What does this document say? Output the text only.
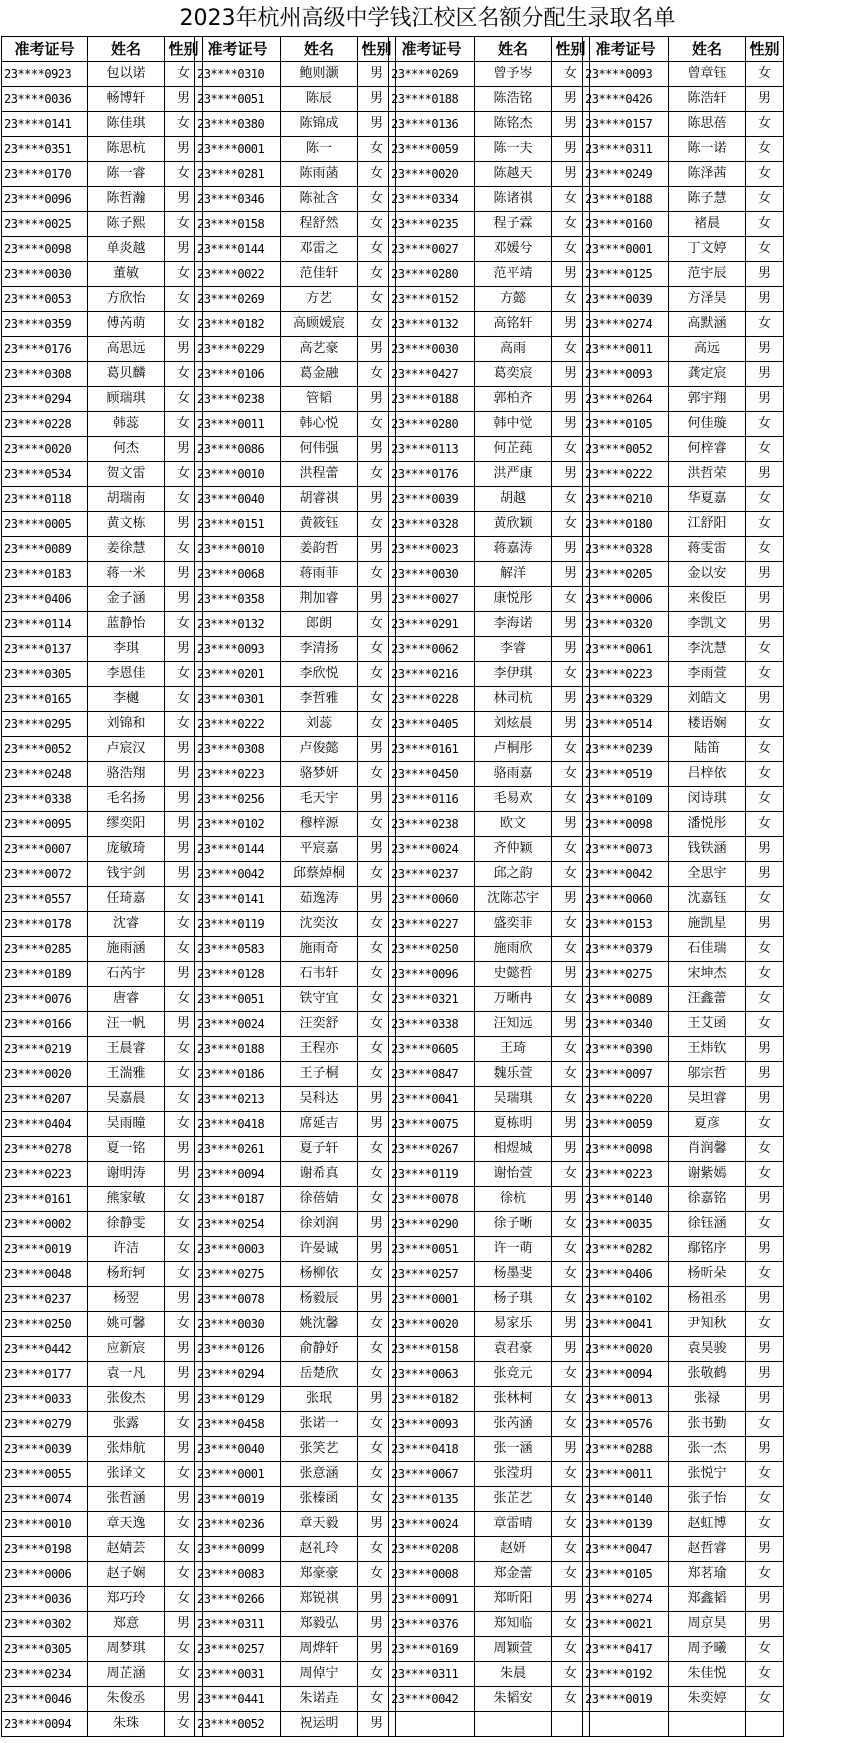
2023年杭州高级中学钱江校区名额分配生录取名单
准考证号	姓名	性别
23****0923	包以诺	女
23****0036	畅博轩	男
23****0141	陈佳琪	女
23****0351	陈思杭	男
23****0170	陈一睿	女
23****0096	陈哲瀚	男
23****0025	陈子熙	女
23****0098	单炎越	男
23****0030	董敏	女
23****0053	方欣怡	女
23****0359	傅芮萌	女
23****0176	高思远	男
23****0308	葛贝麟	女
23****0294	顾瑞琪	女
23****0228	韩蕊	女
23****0020	何杰	男
23****0534	贺文雷	女
23****0118	胡瑞南	女
23****0005	黄文栋	男
23****0089	姜徐慧	女
23****0183	蒋一米	男
23****0406	金子涵	男
23****0114	蓝静怡	女
23****0137	李琪	男
23****0305	李恩佳	女
23****0165	李樾	女
23****0295	刘锦和	女
23****0052	卢宸汉	男
23****0248	骆浩翔	男
23****0338	毛名扬	男
23****0095	缪奕阳	男
23****0007	庞敏琦	男
23****0072	钱宇剑	男
23****0557	任琦嘉	女
23****0178	沈睿	女
23****0285	施雨涵	女
23****0189	石芮宇	男
23****0076	唐睿	女
23****0166	汪一帆	男
23****0219	王晨睿	女
23****0020	王湍雅	女
23****0207	吴嘉晨	女
23****0404	吴雨瞳	女
23****0278	夏一铭	男
23****0223	谢明涛	男
23****0161	熊家敏	女
23****0002	徐静雯	女
23****0019	许洁	女
23****0048	杨珩轲	女
23****0237	杨翌	男
23****0250	姚可馨	女
23****0442	应新宸	男
23****0177	袁一凡	男
23****0033	张俊杰	男
23****0279	张露	女
23****0039	张炜航	男
23****0055	张译文	女
23****0074	张哲涵	男
23****0010	章天逸	女
23****0198	赵婧芸	女
23****0006	赵子娴	女
23****0036	郑巧玲	女
23****0302	郑意	男
23****0305	周梦琪	女
23****0234	周芷涵	女
23****0046	朱俊丞	男
23****0094	朱珠	女
准考证号	姓名	性别
23****0310	鲍则灏	男
23****0051	陈辰	男
23****0380	陈锦成	男
23****0001	陈一	女
23****0281	陈雨菡	女
23****0346	陈祉含	女
23****0158	程舒然	女
23****0144	邓雷之	女
23****0022	范佳轩	女
23****0269	方艺	女
23****0182	高顾媛宸	女
23****0229	高艺豪	男
23****0106	葛金融	女
23****0238	管韬	男
23****0011	韩心悦	女
23****0086	何伟强	男
23****0010	洪程蕾	女
23****0040	胡睿祺	男
23****0151	黄筱钰	女
23****0010	姜韵哲	男
23****0068	蒋雨菲	女
23****0358	荆加睿	男
23****0132	郎朗	女
23****0093	李清扬	女
23****0201	李欣悦	女
23****0301	李哲雅	女
23****0222	刘蕊	女
23****0308	卢俊懿	男
23****0223	骆梦妍	女
23****0256	毛天宇	男
23****0102	穆梓源	女
23****0144	平宸嘉	男
23****0042	邱蔡焯桐	女
23****0141	茹逸涛	男
23****0119	沈奕汝	女
23****0583	施雨奇	女
23****0128	石韦轩	女
23****0051	铁守宜	女
23****0024	汪奕舒	女
23****0188	王程亦	女
23****0186	王子桐	女
23****0213	吴科达	男
23****0418	席延吉	男
23****0261	夏子轩	女
23****0094	谢希真	女
23****0187	徐蓓婧	女
23****0254	徐刘润	男
23****0003	许晏诚	男
23****0275	杨柳依	女
23****0078	杨毅辰	男
23****0030	姚沈馨	女
23****0126	俞静妤	女
23****0294	岳楚欣	女
23****0129	张珉	男
23****0458	张诺一	女
23****0040	张笑艺	女
23****0001	张意涵	女
23****0019	张榛函	女
23****0236	章天毅	男
23****0099	赵礼玲	女
23****0083	郑豪豪	女
23****0266	郑锐祺	男
23****0311	郑毅弘	男
23****0257	周烨轩	男
23****0031	周倬宁	女
23****0441	朱诺垚	女
23****0052	祝运明	男
准考证号	姓名	性别
23****0269	曾予岑	女
23****0188	陈浩铭	男
23****0136	陈铭杰	男
23****0059	陈一夫	男
23****0020	陈越天	男
23****0334	陈诸祺	女
23****0235	程子霖	女
23****0027	邓媛兮	女
23****0280	范平靖	男
23****0152	方懿	女
23****0132	高铭轩	男
23****0030	高雨	女
23****0427	葛奕宸	男
23****0188	郭柏齐	男
23****0280	韩中觉	男
23****0113	何芷莼	女
23****0176	洪严康	男
23****0039	胡越	女
23****0328	黄欣颖	女
23****0023	蒋嘉涛	男
23****0030	解洋	男
23****0027	康悦彤	女
23****0291	李海诺	男
23****0062	李睿	男
23****0216	李伊琪	女
23****0228	林司杭	男
23****0405	刘炫晨	男
23****0161	卢桐彤	女
23****0450	骆雨嘉	女
23****0116	毛易欢	女
23****0238	欧文	男
23****0024	齐仲颖	女
23****0237	邱之韵	女
23****0060	沈陈芯宇	男
23****0227	盛奕菲	女
23****0250	施雨欣	女
23****0096	史懿哲	男
23****0321	万晰冉	女
23****0338	汪知远	男
23****0605	王琦	女
23****0847	魏乐萱	女
23****0041	吴瑞琪	女
23****0075	夏栋明	男
23****0267	相煜城	男
23****0119	谢怡萱	女
23****0078	徐杭	男
23****0290	徐子晰	女
23****0051	许一萌	女
23****0257	杨墨斐	女
23****0001	杨子琪	女
23****0020	易家乐	男
23****0158	袁君豪	男
23****0063	张竞元	女
23****0182	张林柯	女
23****0093	张芮涵	女
23****0418	张一涵	男
23****0067	张滢玥	女
23****0135	张芷艺	女
23****0024	章雷晴	女
23****0208	赵妍	女
23****0008	郑金蕾	女
23****0091	郑昕阳	男
23****0376	郑知临	女
23****0169	周颖萱	女
23****0311	朱晨	女
23****0042	朱韬安	女

准考证号	姓名	性别
23****0093	曾章钰	女
23****0426	陈浩轩	男
23****0157	陈思蓓	女
23****0311	陈一诺	女
23****0249	陈泽茜	女
23****0188	陈子慧	女
23****0160	褚晨	女
23****0001	丁文婷	女
23****0125	范宇辰	男
23****0039	方泽昊	男
23****0274	高默涵	女
23****0011	高远	男
23****0093	龚定宸	男
23****0264	郭宇翔	男
23****0105	何佳璇	女
23****0052	何梓睿	女
23****0222	洪哲荣	男
23****0210	华夏嘉	女
23****0180	江舒阳	女
23****0328	蒋雯雷	女
23****0205	金以安	男
23****0006	来俊臣	男
23****0320	李凯文	男
23****0061	李沈慧	女
23****0223	李雨萱	女
23****0329	刘皓文	男
23****0514	楼语娴	女
23****0239	陆笛	女
23****0519	吕梓依	女
23****0109	闵诗琪	女
23****0098	潘悦彤	女
23****0073	钱铁涵	男
23****0042	全思宇	男
23****0060	沈嘉钰	女
23****0153	施凯星	男
23****0379	石佳瑞	女
23****0275	宋坤杰	女
23****0089	汪鑫蕾	女
23****0340	王艾函	女
23****0390	王炜钦	男
23****0097	邬宗哲	男
23****0220	吴坦睿	男
23****0059	夏彦	女
23****0098	肖润馨	女
23****0223	谢紫嫣	女
23****0140	徐嘉铭	男
23****0035	徐钰涵	女
23****0282	鄢铭序	男
23****0406	杨昕朵	女
23****0102	杨祖丞	男
23****0041	尹知秋	女
23****0020	袁昊骏	男
23****0094	张敬鹤	男
23****0013	张禄	男
23****0576	张书勤	女
23****0288	张一杰	男
23****0011	张悦宁	女
23****0140	张子怡	女
23****0139	赵虹博	女
23****0047	赵哲睿	男
23****0105	郑茗瑜	女
23****0274	郑鑫韬	男
23****0021	周京昊	男
23****0417	周予曦	女
23****0192	朱佳悦	女
23****0019	朱奕婷	女
